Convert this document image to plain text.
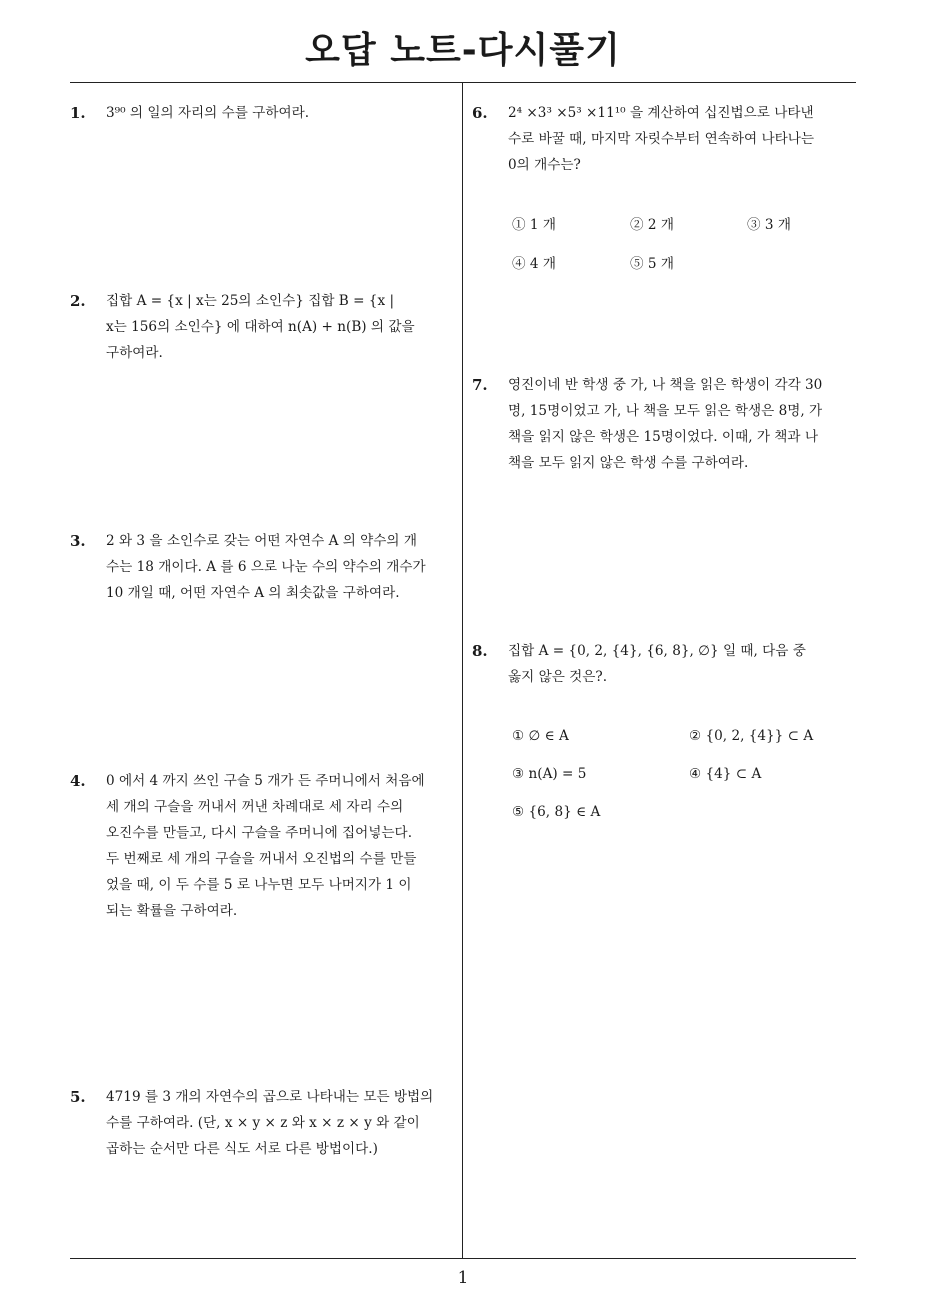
오답 노트-다시풀기
1
1. 3⁹⁰ 의 일의 자리의 수를 구하여라.
2. 집합 A = {x | x는 25의 소인수} 집합 B = {x |
x는 156의 소인수} 에 대하여 n(A) + n(B) 의 값을
구하여라.
3. 2 와 3 을 소인수로 갖는 어떤 자연수 A 의 약수의 개
수는 18 개이다. A 를 6 으로 나눈 수의 약수의 개수가
10 개일 때, 어떤 자연수 A 의 최솟값을 구하여라.
4. 0 에서 4 까지 쓰인 구슬 5 개가 든 주머니에서 처음에
세 개의 구슬을 꺼내서 꺼낸 차례대로 세 자리 수의
오진수를 만들고, 다시 구슬을 주머니에 집어넣는다.
두 번째로 세 개의 구슬을 꺼내서 오진법의 수를 만들
었을 때, 이 두 수를 5 로 나누면 모두 나머지가 1 이
되는 확률을 구하여라.
5. 4719 를 3 개의 자연수의 곱으로 나타내는 모든 방법의
수를 구하여라. (단, x × y × z 와 x × z × y 와 같이
곱하는 순서만 다른 식도 서로 다른 방법이다.)
6. 2⁴ ×3³ ×5³ ×11¹⁰ 을 계산하여 십진법으로 나타낸
수로 바꿀 때, 마지막 자릿수부터 연속하여 나타나는
0의 개수는?
① 1 개	② 2 개	③ 3 개
④ 4 개	⑤ 5 개
7. 영진이네 반 학생 중 가, 나 책을 읽은 학생이 각각 30
명, 15명이었고 가, 나 책을 모두 읽은 학생은 8명, 가
책을 읽지 않은 학생은 15명이었다. 이때, 가 책과 나
책을 모두 읽지 않은 학생 수를 구하여라.
8. 집합 A = {0, 2, {4}, {6, 8}, ∅} 일 때, 다음 중
옳지 않은 것은?.
① ∅ ∈ A	② {0, 2, {4}} ⊂ A
③ n(A) = 5	④ {4} ⊂ A
⑤ {6, 8} ∈ A
